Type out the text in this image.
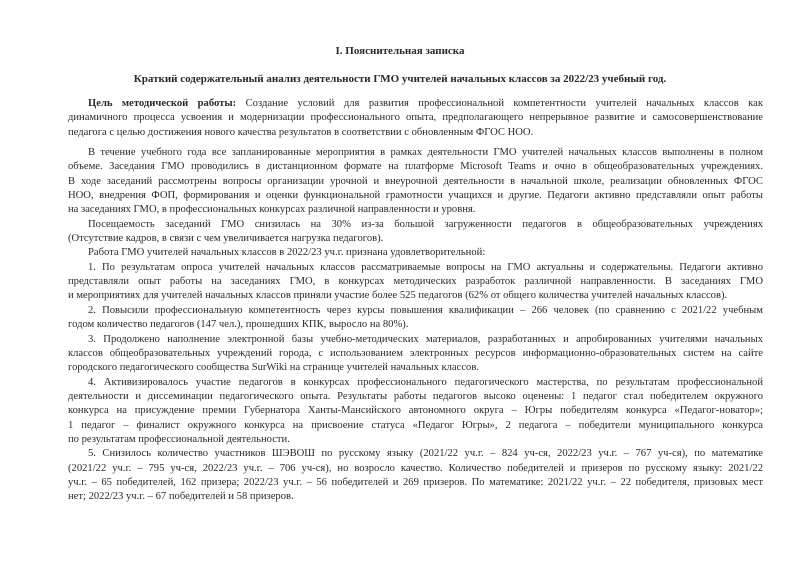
I. Пояснительная записка
Краткий содержательный анализ деятельности ГМО учителей начальных классов за 2022/23 учебный год.
Цель методической работы: Создание условий для развития профессиональной компетентности учителей начальных классов как
динамичного процесса усвоения и модернизации профессионального опыта, предполагающего непрерывное развитие и самосовершенствование
педагога с целью достижения нового качества результатов в соответствии с обновленным ФГОС НОО.
В течение учебного года все запланированные мероприятия в рамках деятельности ГМО учителей начальных классов выполнены в полном
объеме. Заседания ГМО проводились в дистанционном формате на платформе Microsoft Teams и очно в общеобразовательных учреждениях.
В ходе заседаний рассмотрены вопросы организации урочной и внеурочной деятельности в начальной школе, реализации обновленных ФГОС
НОО, внедрения ФОП, формирования и оценки функциональной грамотности учащихся и другие. Педагоги активно представляли опыт работы
на заседаниях ГМО, в профессиональных конкурсах различной направленности и уровня.
Посещаемость заседаний ГМО снизилась на 30% из-за большой загруженности педагогов в общеобразовательных учреждениях
(Отсутствие кадров, в связи с чем увеличивается нагрузка педагогов).
Работа ГМО учителей начальных классов в 2022/23 уч.г. признана удовлетворительной:
1. По результатам опроса учителей начальных классов рассматриваемые вопросы на ГМО актуальны и содержательны. Педагоги активно
представляли опыт работы на заседаниях ГМО, в конкурсах методических разработок различной направленности. В заседаниях ГМО
и мероприятиях для учителей начальных классов приняли участие более 525 педагогов (62% от общего количества учителей начальных классов).
2. Повысили профессиональную компетентность через курсы повышения квалификации – 266 человек (по сравнению с 2021/22 учебным
годом количество педагогов (147 чел.), прошедших КПК, выросло на 80%).
3. Продолжено наполнение электронной базы учебно-методических материалов, разработанных и апробированных учителями начальных
классов общеобразовательных учреждений города, с использованием электронных ресурсов информационно-образовательных систем на сайте
городского педагогического сообщества SurWiki на странице учителей начальных классов.
4. Активизировалось участие педагогов в конкурсах профессионального педагогического мастерства, по результатам профессиональной
деятельности и диссеминации педагогического опыта. Результаты работы педагогов высоко оценены: 1 педагог стал победителем окружного
конкурса на присуждение премии Губернатора Ханты-Мансийского автономного округа – Югры победителям конкурса «Педагог-новатор»;
1 педагог – финалист окружного конкурса на присвоение статуса «Педагог Югры», 2 педагога – победители муниципального конкурса
по результатам профессиональной деятельности.
5. Снизилось количество участников ШЭВОШ по русскому языку (2021/22 уч.г. – 824 уч-ся, 2022/23 уч.г. – 767 уч-ся), по математике
(2021/22 уч.г. – 795 уч-ся, 2022/23 уч.г. – 706 уч-ся), но возросло качество. Количество победителей и призеров по русскому языку: 2021/22
уч.г. – 65 победителей, 162 призера; 2022/23 уч.г. – 56 победителей и 269 призеров. По математике: 2021/22 уч.г. – 22 победителя, призовых мест
нет; 2022/23 уч.г. – 67 победителей и 58 призеров.
